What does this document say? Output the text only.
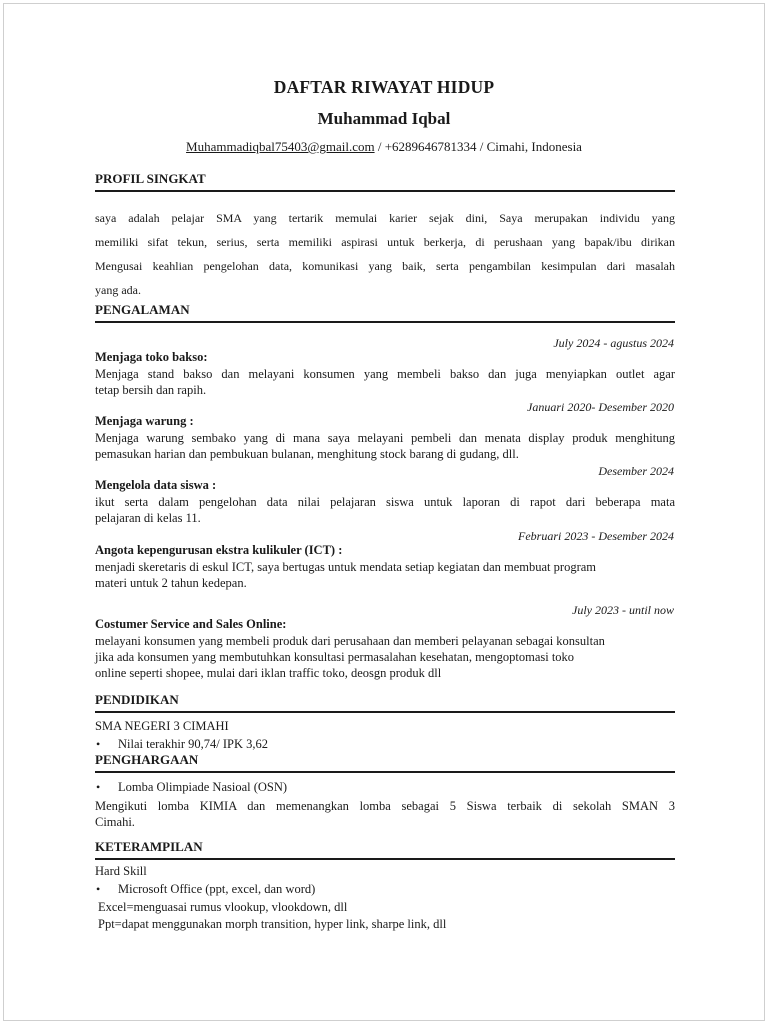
DAFTAR RIWAYAT HIDUP
Muhammad Iqbal
Muhammadiqbal75403@gmail.com / +6289646781334 / Cimahi, Indonesia
PROFIL SINGKAT
saya adalah pelajar SMA yang tertarik memulai karier sejak dini, Saya merupakan individu yang
memiliki sifat tekun, serius, serta memiliki aspirasi untuk berkerja, di perushaan yang bapak/ibu dirikan
Mengusai keahlian pengelohan data, komunikasi yang baik, serta pengambilan kesimpulan dari masalah
yang ada.
PENGALAMAN
July 2024 - agustus 2024
Menjaga toko bakso:
Menjaga stand bakso dan melayani konsumen yang membeli bakso dan juga menyiapkan outlet agar
tetap bersih dan rapih.
Januari 2020- Desember 2020
Menjaga warung :
Menjaga warung sembako yang di mana saya melayani pembeli dan menata display produk menghitung
pemasukan harian dan pembukuan bulanan, menghitung stock barang di gudang, dll.
Desember 2024
Mengelola data siswa :
ikut serta dalam pengelohan data nilai pelajaran siswa untuk laporan di rapot dari beberapa mata
pelajaran di kelas 11.
Februari 2023 - Desember 2024
Angota kepengurusan ekstra kulikuler (ICT) :
menjadi skeretaris di eskul ICT, saya bertugas untuk mendata setiap kegiatan dan membuat program
materi untuk 2 tahun kedepan.
July 2023 - until now
Costumer Service and Sales Online:
melayani konsumen yang membeli produk dari perusahaan dan memberi pelayanan sebagai konsultan
jika ada konsumen yang membutuhkan konsultasi permasalahan kesehatan, mengoptomasi toko
online seperti shopee, mulai dari iklan traffic toko, deosgn produk dll
PENDIDIKAN
SMA NEGERI 3 CIMAHI
• Nilai terakhir 90,74/ IPK 3,62
PENGHARGAAN
• Lomba Olimpiade Nasioal (OSN)
Mengikuti lomba KIMIA dan memenangkan lomba sebagai 5 Siswa terbaik di sekolah SMAN 3
Cimahi.
KETERAMPILAN
Hard Skill
• Microsoft Office (ppt, excel, dan word)
Excel=menguasai rumus vlookup, vlookdown, dll
Ppt=dapat menggunakan morph transition, hyper link, sharpe link, dll
